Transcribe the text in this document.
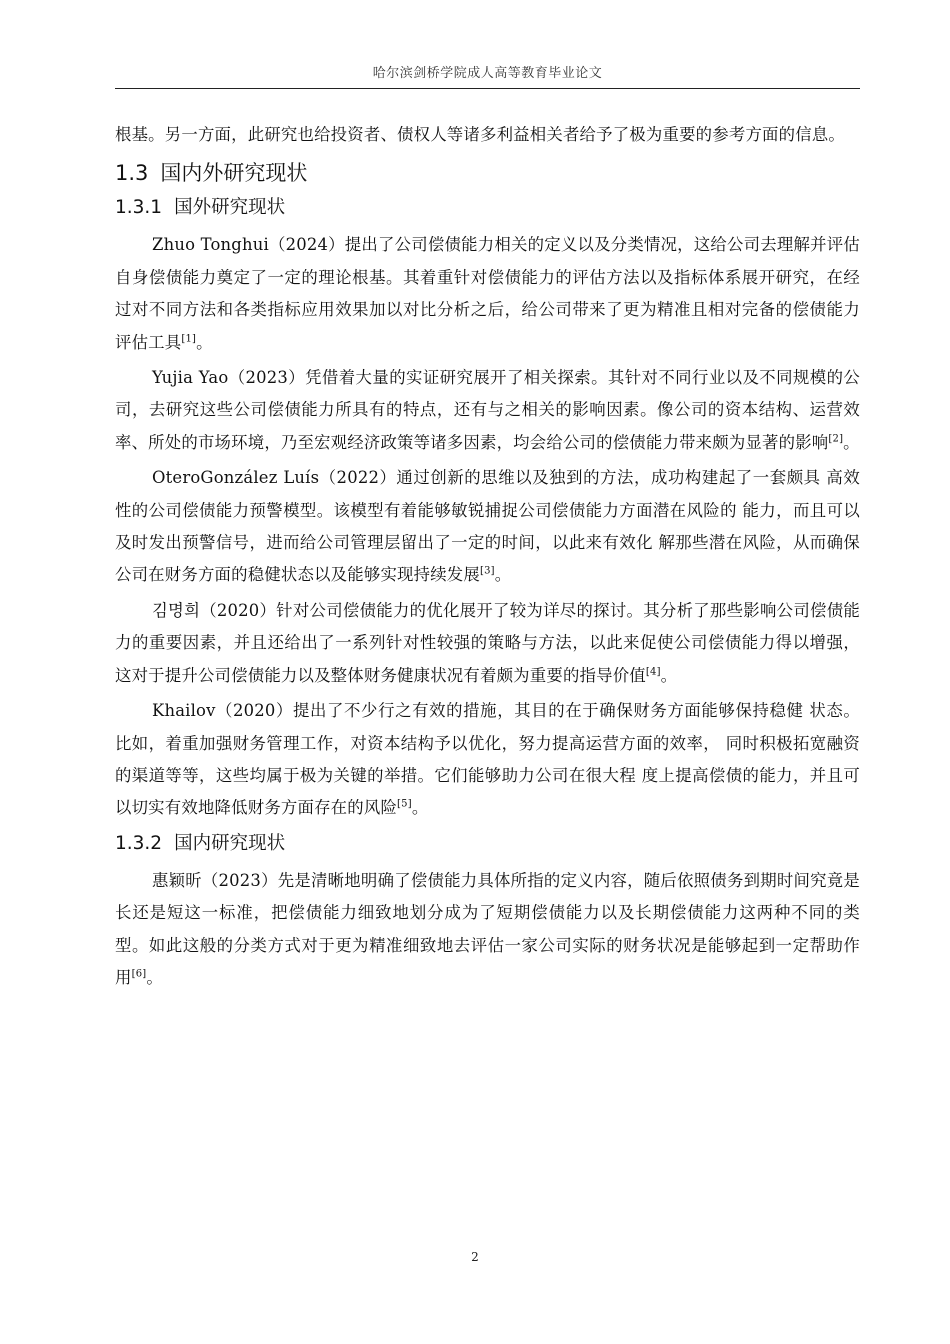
哈尔滨剑桥学院成人高等教育毕业论文

根基。另一方面，此研究也给投资者、债权人等诸多利益相关者给予了极为重要的参考方面的信息。

1.3 国内外研究现状
1.3.1 国外研究现状

Zhuo Tonghui（2024）提出了公司偿债能力相关的定义以及分类情况，这给公司去理解并评估自身偿债能力奠定了一定的理论根基。其着重针对偿债能力的评估方法以及指标体系展开研究，在经过对不同方法和各类指标应用效果加以对比分析之后，给公司带来了更为精准且相对完备的偿债能力评估工具[1]。

Yujia Yao（2023）凭借着大量的实证研究展开了相关探索。其针对不同行业以及不同规模的公司，去研究这些公司偿债能力所具有的特点，还有与之相关的影响因素。像公司的资本结构、运营效率、所处的市场环境，乃至宏观经济政策等诸多因素，均会给公司的偿债能力带来颇为显著的影响[2]。

OteroGonzález Luís（2022）通过创新的思维以及独到的方法，成功构建起了一套颇具 高效性的公司偿债能力预警模型。该模型有着能够敏锐捕捉公司偿债能力方面潜在风险的 能力，而且可以及时发出预警信号，进而给公司管理层留出了一定的时间，以此来有效化 解那些潜在风险，从而确保公司在财务方面的稳健状态以及能够实现持续发展[3]。

김명희（2020）针对公司偿债能力的优化展开了较为详尽的探讨。其分析了那些影响公司偿债能力的重要因素，并且还给出了一系列针对性较强的策略与方法，以此来促使公司偿债能力得以增强，这对于提升公司偿债能力以及整体财务健康状况有着颇为重要的指导价值[4]。

Khailov（2020）提出了不少行之有效的措施，其目的在于确保财务方面能够保持稳健 状态。比如，着重加强财务管理工作，对资本结构予以优化，努力提高运营方面的效率， 同时积极拓宽融资的渠道等等，这些均属于极为关键的举措。它们能够助力公司在很大程 度上提高偿债的能力，并且可以切实有效地降低财务方面存在的风险[5]。

1.3.2 国内研究现状

惠颖昕（2023）先是清晰地明确了偿债能力具体所指的定义内容，随后依照债务到期时间究竟是长还是短这一标准，把偿债能力细致地划分成为了短期偿债能力以及长期偿债能力这两种不同的类型。如此这般的分类方式对于更为精准细致地去评估一家公司实际的财务状况是能够起到一定帮助作用[6]。

2
